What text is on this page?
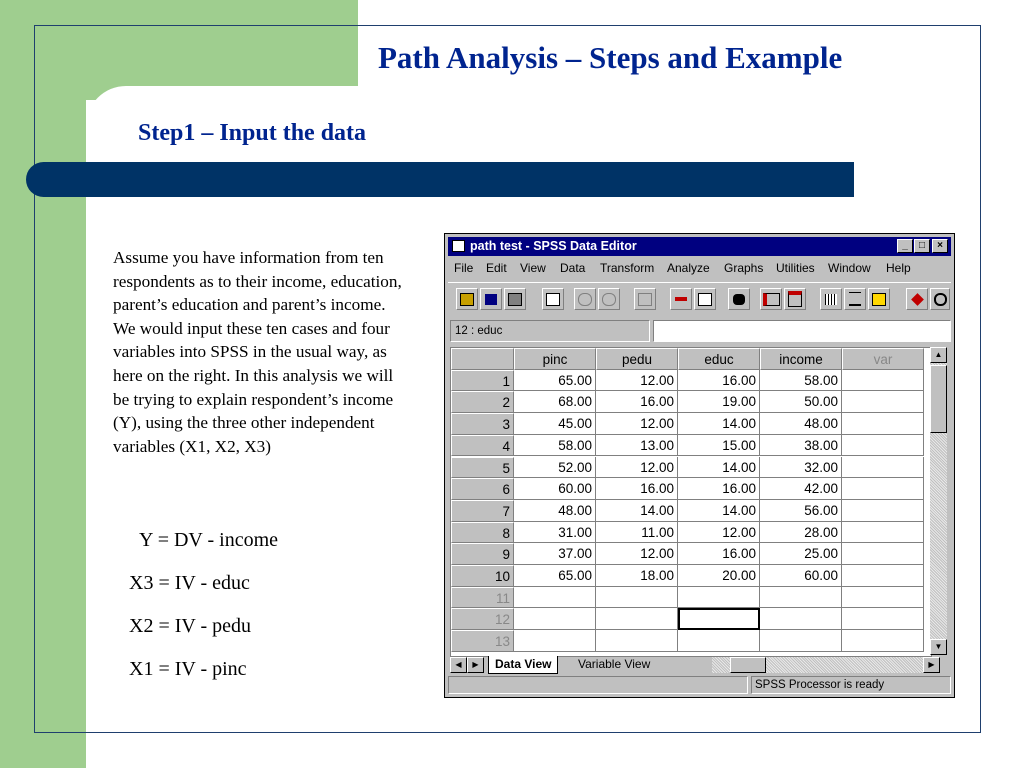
Path Analysis – Steps and Example
Step1 – Input the data
Assume you have information from ten respondents as to their income, education, parent’s education and parent’s income. We would input these ten cases and four variables into SPSS in the usual way, as here on the right. In this analysis we will be trying to explain respondent’s income (Y), using the three other independent variables (X1, X2, X3)
Y = DV - income
X3 = IV - educ
X2 = IV - pedu
X1 = IV - pinc
path test - SPSS Data Editor	_	□	×
File Edit View Data Transform Analyze Graphs Utilities Window Help
12 : educ
pinc	pedu	educ	income	var
1	65.00	12.00	16.00	58.00
2	68.00	16.00	19.00	50.00
3	45.00	12.00	14.00	48.00
4	58.00	13.00	15.00	38.00
5	52.00	12.00	14.00	32.00
6	60.00	16.00	16.00	42.00
7	48.00	14.00	14.00	56.00
8	31.00	11.00	12.00	28.00
9	37.00	12.00	16.00	25.00
10	65.00	18.00	20.00	60.00
11
12
13
▲
▼
◀	▶	Data View	Variable View	▶
SPSS Processor is ready
